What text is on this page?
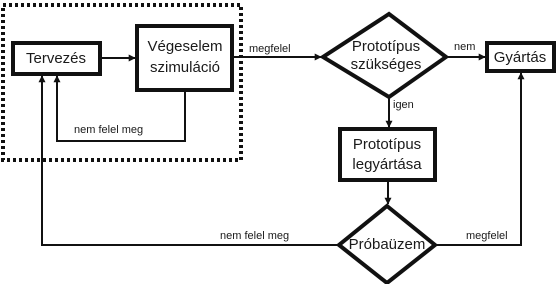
Tervezés
Végeselem
szimuláció
Prototípus
szükséges	Gyártás
Prototípus
legyártása
Próbaüzem
megfelel
nem felel meg
nem
igen
nem felel meg	megfelel
